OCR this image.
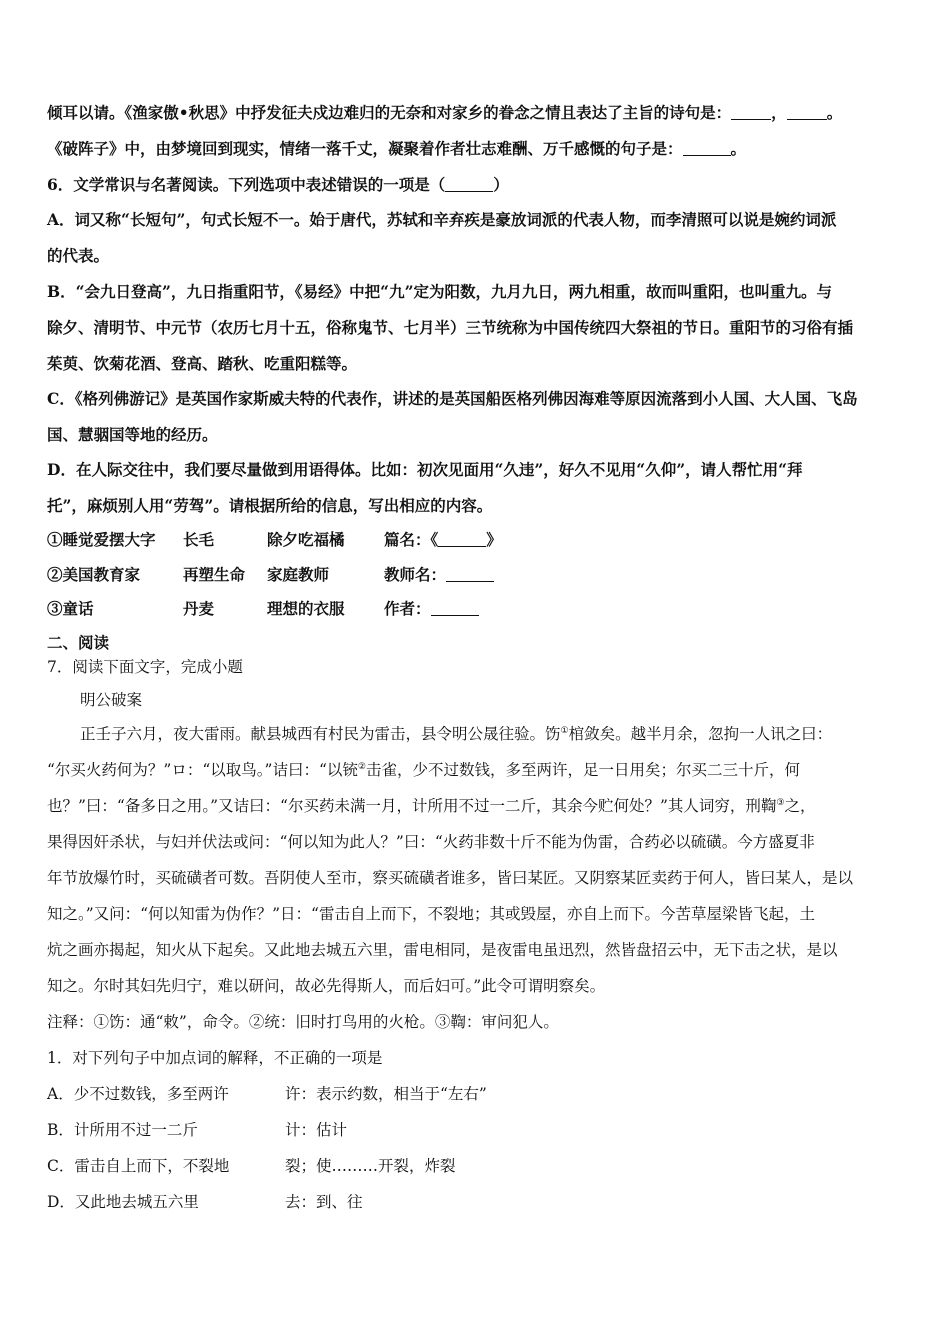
倾耳以请。《渔家傲•秋思》中抒发征夫戍边难归的无奈和对家乡的眷念之情且表达了主旨的诗句是：	，	。
《破阵子》中，由梦境回到现实，情绪一落千丈，凝聚着作者壮志难酬、万千感慨的句子是：	。
6．文学常识与名著阅读。下列选项中表述错误的一项是（	）
A．词又称“长短句”，句式长短不一。始于唐代，苏轼和辛弃疾是豪放词派的代表人物，而李清照可以说是婉约词派
的代表。
B．“会九日登高”，九日指重阳节，《易经》中把“九”定为阳数，九月九日，两九相重，故而叫重阳，也叫重九。与
除夕、清明节、中元节（农历七月十五，俗称鬼节、七月半）三节统称为中国传统四大祭祖的节日。重阳节的习俗有插
茱萸、饮菊花酒、登高、踏秋、吃重阳糕等。
C．《格列佛游记》是英国作家斯威夫特的代表作，讲述的是英国船医格列佛因海难等原因流落到小人国、大人国、飞岛
国、慧骃国等地的经历。
D．在人际交往中，我们要尽量做到用语得体。比如：初次见面用“久违”，好久不见用“久仰”，请人帮忙用“拜
托”，麻烦别人用“劳驾”。请根据所给的信息，写出相应的内容。
①睡觉爱摆大字 长毛	除夕吃福橘	篇名：《	》
②美国教育家	再塑生命 家庭教师	教师名：
③童话	丹麦	理想的衣服	作者：
二、阅读
7．阅读下面文字，完成小题
明公破案
正壬子六月，夜大雷雨。献县城西有村民为雷击，县令明公晟往验。饬①棺敛矣。越半月余，忽拘一人讯之曰：
“尔买火药何为？”ロ：“以取鸟。”诘曰：“以铳②击雀，少不过数钱，多至两许，足一日用矣；尔买二三十斤，何
也？”曰：“备多日之用。”又诘曰：“尔买药未满一月，计所用不过一二斤，其余今贮何处？”其人词穷，刑鞫③之，
果得因奸杀状，与妇并伏法或问：“何以知为此人？”曰：“火药非数十斤不能为伪雷，合药必以硫磺。今方盛夏非
年节放爆竹时，买硫磺者可数。吾阴使人至市，察买硫磺者谁多，皆曰某匠。又阴察某匠卖药于何人，皆曰某人，是以
知之。”又问：“何以知雷为伪作？”日：“雷击自上而下，不裂地；其或毁屋，亦自上而下。今苦草屋梁皆飞起，土
炕之画亦揭起，知火从下起矣。又此地去城五六里，雷电相同，是夜雷电虽迅烈，然皆盘招云中，无下击之状，是以
知之。尔时其妇先归宁，难以研问，故必先得斯人，而后妇可。”此令可谓明察矣。
注释：①饬：通“敕”，命令。②统：旧时打鸟用的火枪。③鞫：审问犯人。
1．对下列句子中加点词的解释，不正确的一项是
A．少不过数钱，多至两许	许：表示约数，相当于“左右”
B．计所用不过一二斤	计：估计
C．雷击自上而下，不裂地	裂；使………开裂，炸裂
D．又此地去城五六里	去：到、往
